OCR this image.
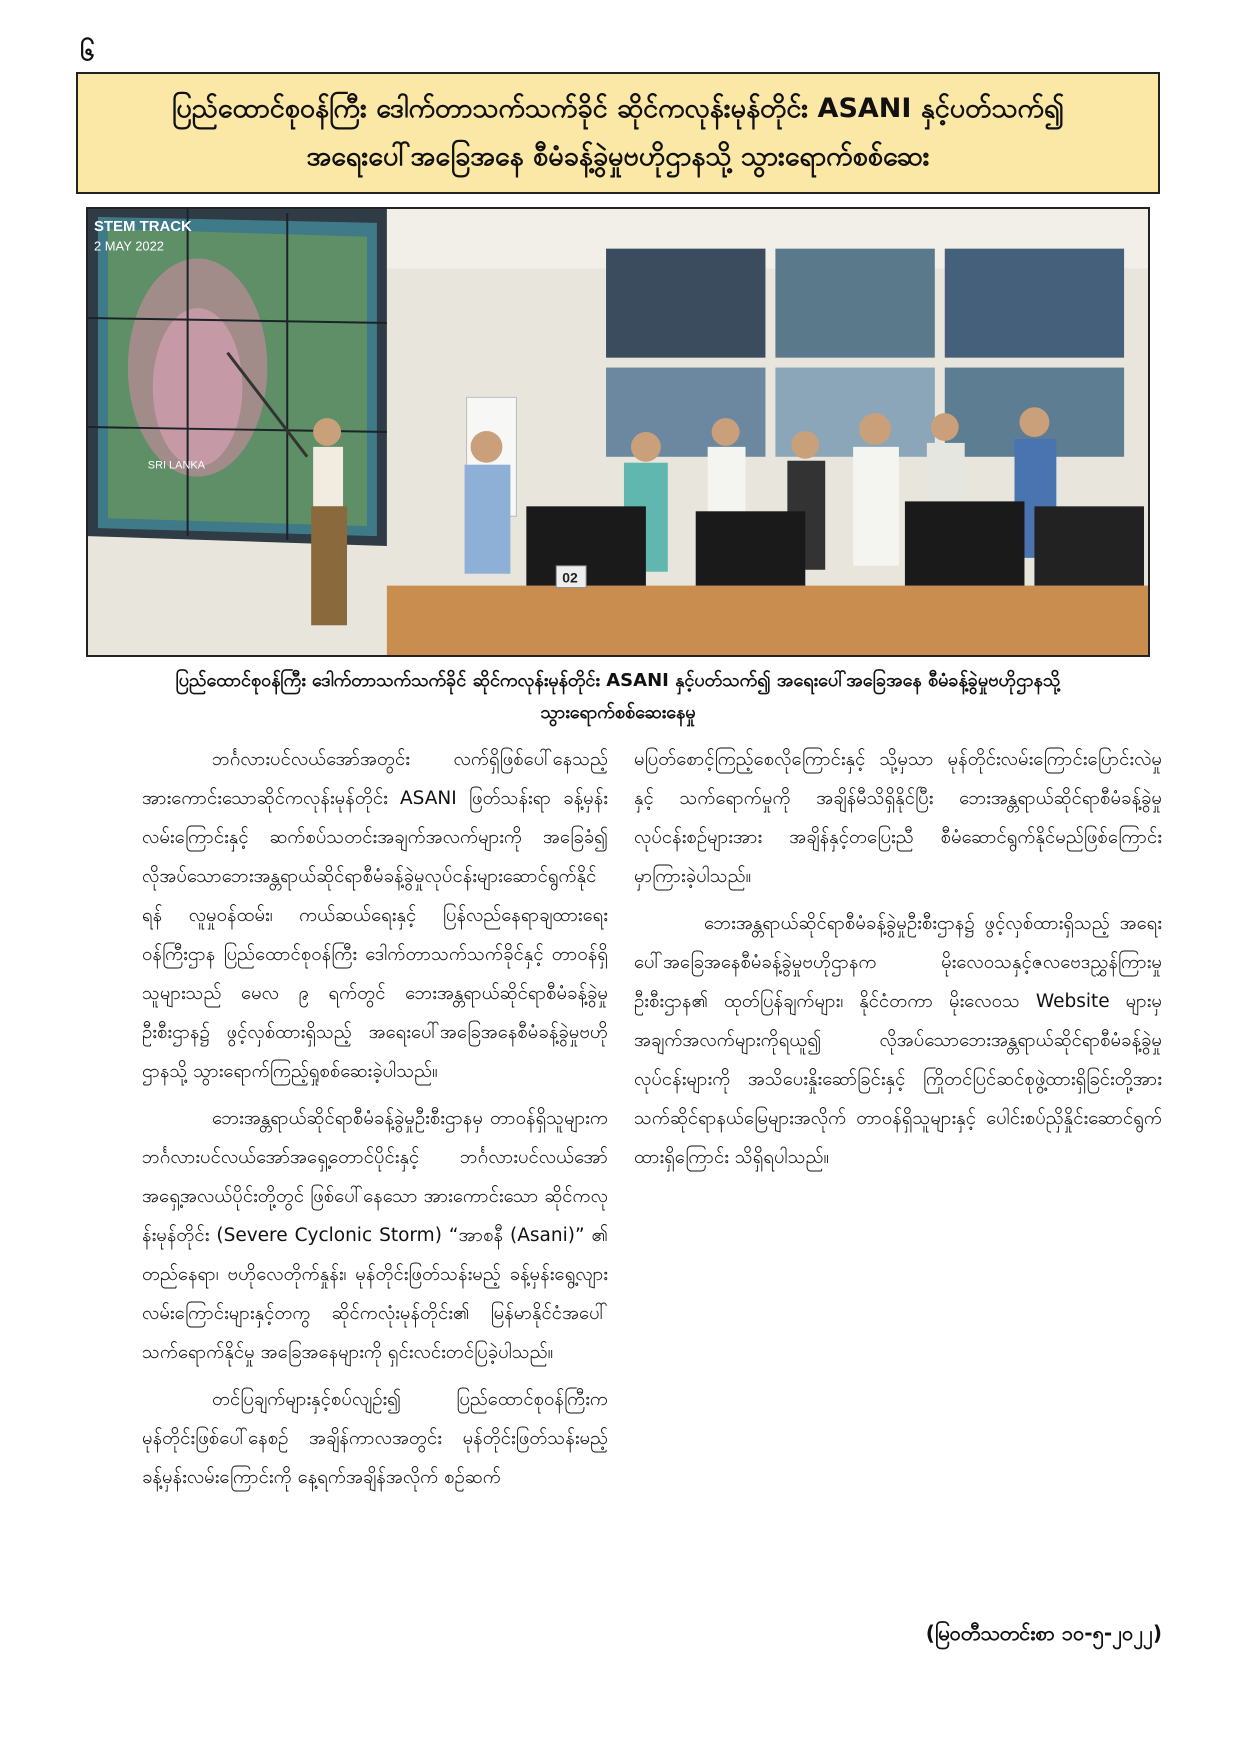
၆
ပြည်ထောင်စုဝန်ကြီး ဒေါက်တာသက်သက်ခိုင် ဆိုင်ကလုန်းမုန်တိုင်း ASANI နှင့်ပတ်သက်၍
အရေးပေါ်အခြေအနေ စီမံခန့်ခွဲမှုဗဟိုဌာနသို့ သွားရောက်စစ်ဆေး
STEM TRACK
2 MAY 2022
SRI LANKA
02
ပြည်ထောင်စုဝန်ကြီး ဒေါက်တာသက်သက်ခိုင် ဆိုင်ကလုန်းမုန်တိုင်း ASANI နှင့်ပတ်သက်၍ အရေးပေါ်အခြေအနေ စီမံခန့်ခွဲမှုဗဟိုဌာနသို့
သွားရောက်စစ်ဆေးနေမှု

ဘင်္ဂလားပင်လယ်အော်အတွင်း လက်ရှိဖြစ်ပေါ်နေသည့် အားကောင်းသောဆိုင်ကလုန်းမုန်တိုင်း ASANI ဖြတ်သန်းရာ ခန့်မှန်းလမ်းကြောင်းနှင့် ဆက်စပ်သတင်းအချက်အလက်များကို အခြေခံ၍ လိုအပ်သောဘေးအန္တရာယ်ဆိုင်ရာစီမံခန့်ခွဲမှုလုပ်ငန်းများဆောင်ရွက်နိုင်ရန် လူမှုဝန်ထမ်း၊ ကယ်ဆယ်ရေးနှင့် ပြန်လည်နေရာချထားရေးဝန်ကြီးဌာန ပြည်ထောင်စုဝန်ကြီး ဒေါက်တာသက်သက်ခိုင်နှင့် တာဝန်ရှိသူများသည် မေလ ၉ ရက်တွင် ဘေးအန္တရာယ်ဆိုင်ရာစီမံခန့်ခွဲမှုဦးစီးဌာန၌ ဖွင့်လှစ်ထားရှိသည့် အရေးပေါ်အခြေအနေစီမံခန့်ခွဲမှုဗဟိုဌာနသို့ သွားရောက်ကြည့်ရှုစစ်ဆေးခဲ့ပါသည်။

ဘေးအန္တရာယ်ဆိုင်ရာစီမံခန့်ခွဲမှုဦးစီးဌာနမှ တာဝန်ရှိသူများက ဘင်္ဂလားပင်လယ်အော်အရှေ့တောင်ပိုင်းနှင့် ဘင်္ဂလားပင်လယ်အော်အရှေ့အလယ်ပိုင်းတို့တွင် ဖြစ်ပေါ်နေသော အားကောင်းသော ဆိုင်ကလုန်းမုန်တိုင်း (Severe Cyclonic Storm) “အာစနီ (Asani)” ၏ တည်နေရာ၊ ဗဟိုလေတိုက်နှုန်း၊ မုန်တိုင်းဖြတ်သန်းမည့် ခန့်မှန်းရွေ့လျားလမ်းကြောင်းများနှင့်တကွ ဆိုင်ကလုံးမုန်တိုင်း၏ မြန်မာနိုင်ငံအပေါ် သက်ရောက်နိုင်မှု အခြေအနေများကို ရှင်းလင်းတင်ပြခဲ့ပါသည်။

တင်ပြချက်များနှင့်စပ်လျဉ်း၍ ပြည်ထောင်စုဝန်ကြီးက မုန်တိုင်းဖြစ်ပေါ်နေစဉ် အချိန်ကာလအတွင်း မုန်တိုင်းဖြတ်သန်းမည့်ခန့်မှန်းလမ်းကြောင်းကို နေ့ရက်အချိန်အလိုက် စဉ်ဆက်

မပြတ်စောင့်ကြည့်စေလိုကြောင်းနှင့် သို့မှသာ မုန်တိုင်းလမ်းကြောင်းပြောင်းလဲမှုနှင့် သက်ရောက်မှုကို အချိန်မီသိရှိနိုင်ပြီး ဘေးအန္တရာယ်ဆိုင်ရာစီမံခန့်ခွဲမှုလုပ်ငန်းစဉ်များအား အချိန်နှင့်တပြေးညီ စီမံဆောင်ရွက်နိုင်မည်ဖြစ်ကြောင်း မှာကြားခဲ့ပါသည်။

ဘေးအန္တရာယ်ဆိုင်ရာစီမံခန့်ခွဲမှုဦးစီးဌာန၌ ဖွင့်လှစ်ထားရှိသည့် အရေးပေါ်အခြေအနေစီမံခန့်ခွဲမှုဗဟိုဌာနက မိုးလေဝသနှင့်ဇလဗေဒညွှန်ကြားမှုဦးစီးဌာန၏ ထုတ်ပြန်ချက်များ၊ နိုင်ငံတကာ မိုးလေဝသ Website များမှ အချက်အလက်များကိုရယူ၍ လိုအပ်သောဘေးအန္တရာယ်ဆိုင်ရာစီမံခန့်ခွဲမှုလုပ်ငန်းများကို အသိပေးနှိုးဆော်ခြင်းနှင့် ကြိုတင်ပြင်ဆင်စုဖွဲ့ထားရှိခြင်းတို့အား သက်ဆိုင်ရာနယ်မြေများအလိုက် တာဝန်ရှိသူများနှင့် ပေါင်းစပ်ညှိနှိုင်းဆောင်ရွက်ထားရှိကြောင်း သိရှိရပါသည်။

(မြဝတီသတင်းစာ ၁၀-၅-၂၀၂၂)
